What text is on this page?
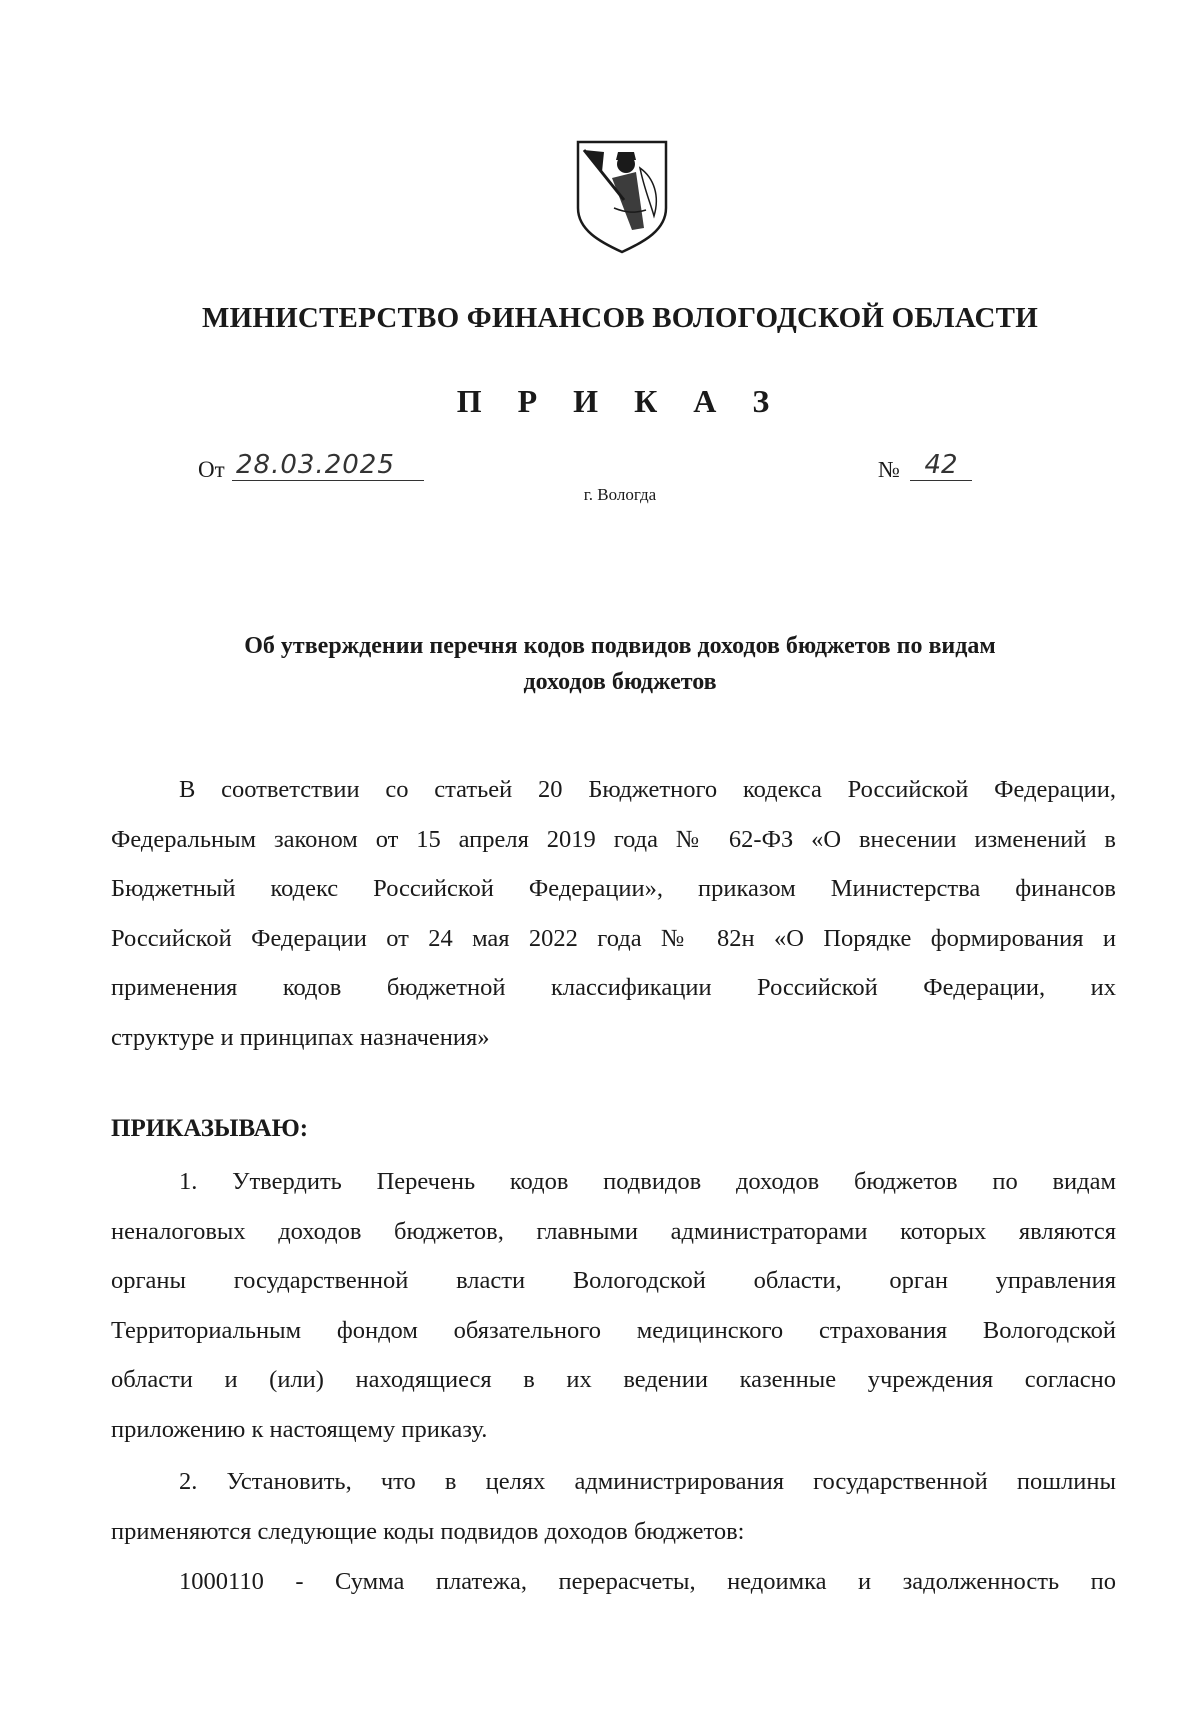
МИНИСТЕРСТВО ФИНАНСОВ ВОЛОГОДСКОЙ ОБЛАСТИ
П Р И К А З
От 28.03.2025	№ 42
г. Вологда
Об утверждении перечня кодов подвидов доходов бюджетов по видам
доходов бюджетов
В соответствии со статьей 20 Бюджетного кодекса Российской Федерации,
Федеральным законом от 15 апреля 2019 года № 62-ФЗ «О внесении изменений в
Бюджетный кодекс Российской Федерации», приказом Министерства финансов
Российской Федерации от 24 мая 2022 года № 82н «О Порядке формирования и
применения кодов бюджетной классификации Российской Федерации, их
структуре и принципах назначения»
ПРИКАЗЫВАЮ:
1. Утвердить Перечень кодов подвидов доходов бюджетов по видам
неналоговых доходов бюджетов, главными администраторами которых являются
органы государственной власти Вологодской области, орган управления
Территориальным фондом обязательного медицинского страхования Вологодской
области и (или) находящиеся в их ведении казенные учреждения согласно
приложению к настоящему приказу.
2. Установить, что в целях администрирования государственной пошлины
применяются следующие коды подвидов доходов бюджетов:
1000110 - Сумма платежа, перерасчеты, недоимка и задолженность по
